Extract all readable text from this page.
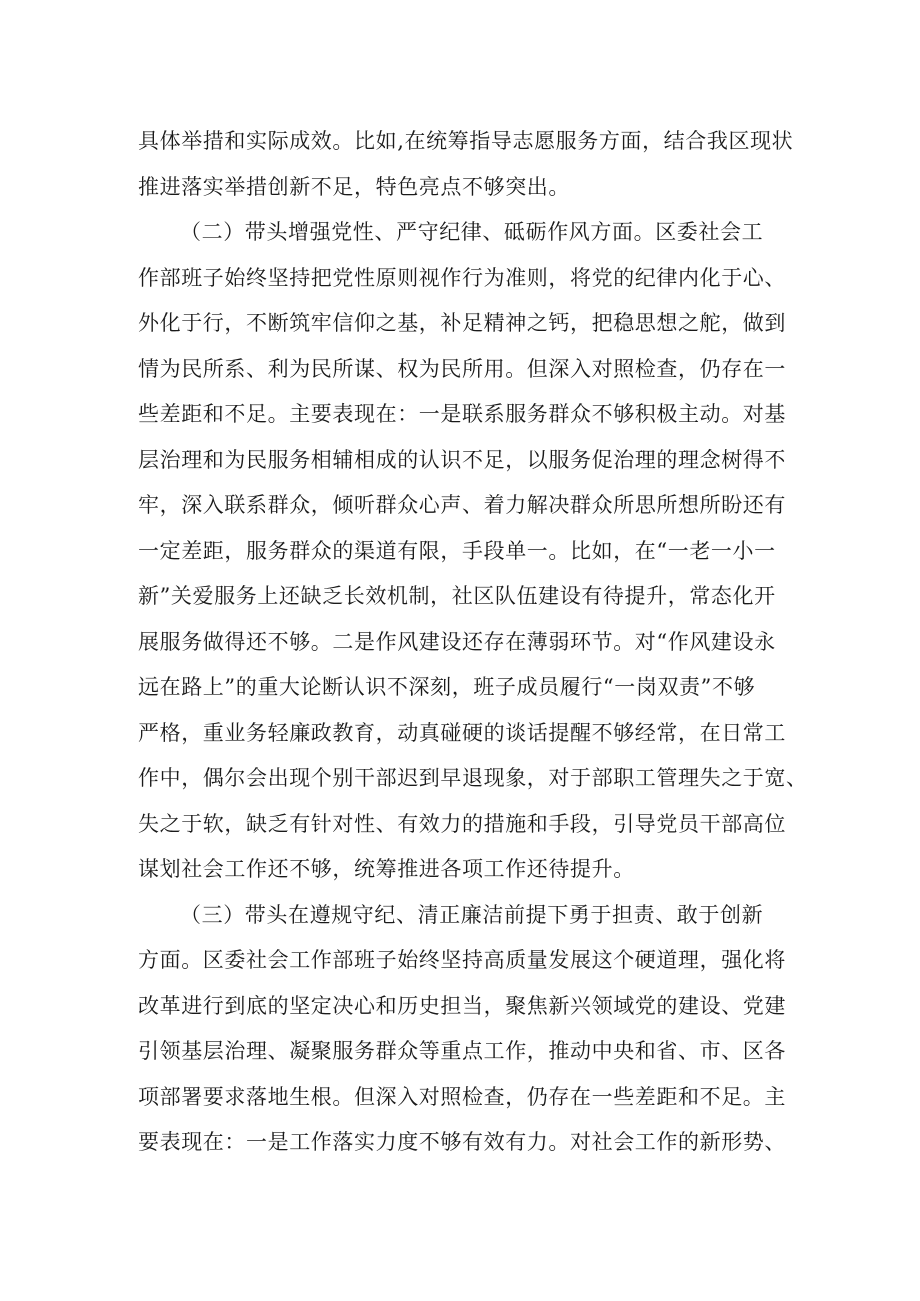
具体举措和实际成效。比如,在统筹指导志愿服务方面，结合我区现状
推进落实举措创新不足，特色亮点不够突出。
（二）带头增强党性、严守纪律、砥砺作风方面。区委社会工
作部班子始终坚持把党性原则视作行为准则，将党的纪律内化于心、
外化于行，不断筑牢信仰之基，补足精神之钙，把稳思想之舵，做到
情为民所系、利为民所谋、权为民所用。但深入对照检查，仍存在一
些差距和不足。主要表现在：一是联系服务群众不够积极主动。对基
层治理和为民服务相辅相成的认识不足，以服务促治理的理念树得不
牢，深入联系群众，倾听群众心声、着力解决群众所思所想所盼还有
一定差距，服务群众的渠道有限，手段单一。比如，在“一老一小一
新”关爱服务上还缺乏长效机制，社区队伍建设有待提升，常态化开
展服务做得还不够。二是作风建设还存在薄弱环节。对“作风建设永
远在路上”的重大论断认识不深刻，班子成员履行“一岗双责”不够
严格，重业务轻廉政教育，动真碰硬的谈话提醒不够经常，在日常工
作中，偶尔会出现个别干部迟到早退现象，对于部职工管理失之于宽、
失之于软，缺乏有针对性、有效力的措施和手段，引导党员干部高位
谋划社会工作还不够，统筹推进各项工作还待提升。
（三）带头在遵规守纪、清正廉洁前提下勇于担责、敢于创新
方面。区委社会工作部班子始终坚持高质量发展这个硬道理，强化将
改革进行到底的坚定决心和历史担当，聚焦新兴领域党的建设、党建
引领基层治理、凝聚服务群众等重点工作，推动中央和省、市、区各
项部署要求落地生根。但深入对照检查，仍存在一些差距和不足。主
要表现在：一是工作落实力度不够有效有力。对社会工作的新形势、
